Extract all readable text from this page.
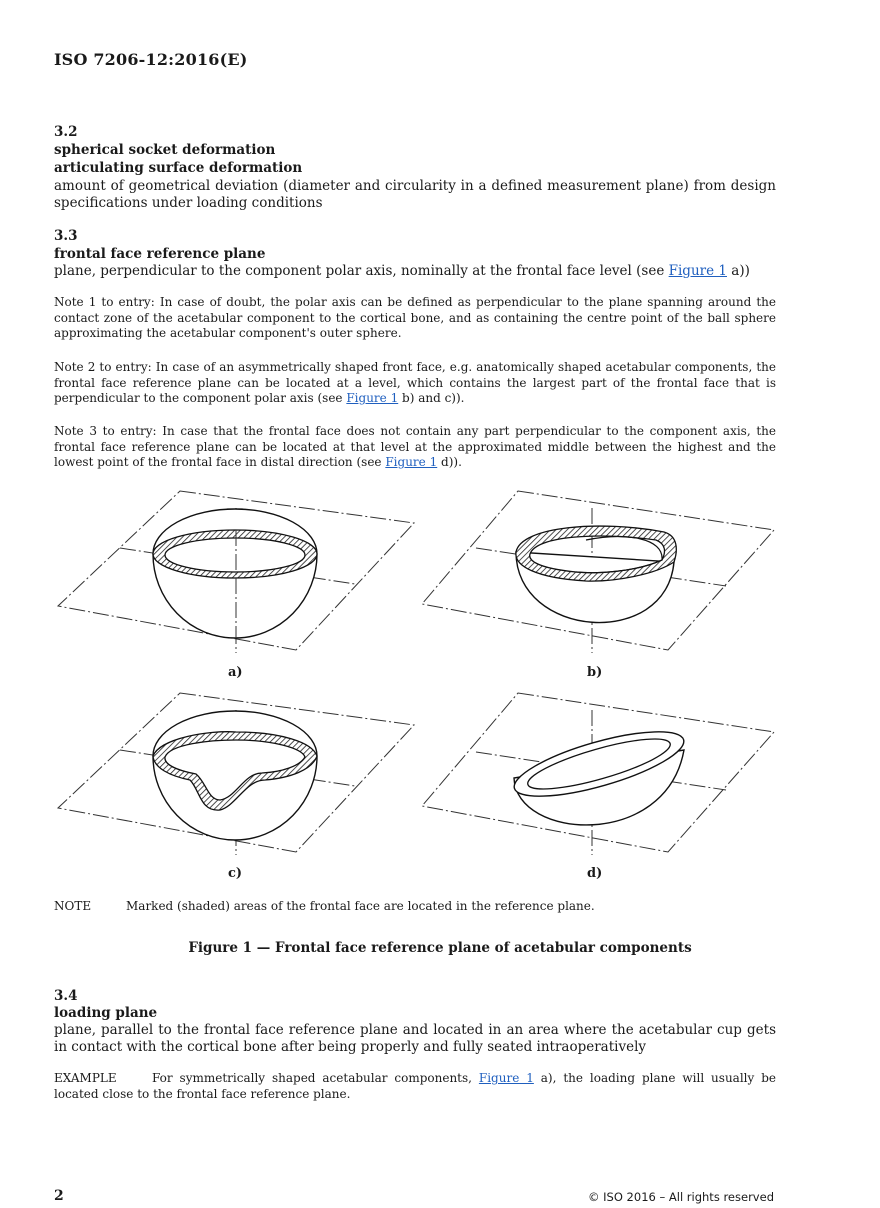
ISO 7206-12:2016(E)
3.2
spherical socket deformation
articulating surface deformation
amount of geometrical deviation (diameter and circularity in a defined measurement plane) from design specifications under loading conditions
3.3
frontal face reference plane
plane, perpendicular to the component polar axis, nominally at the frontal face level (see Figure 1 a))
Note 1 to entry: In case of doubt, the polar axis can be defined as perpendicular to the plane spanning around the contact zone of the acetabular component to the cortical bone, and as containing the centre point of the ball sphere approximating the acetabular component's outer sphere.
Note 2 to entry: In case of an asymmetrically shaped front face, e.g. anatomically shaped acetabular components, the frontal face reference plane can be located at a level, which contains the largest part of the frontal face that is perpendicular to the component polar axis (see Figure 1 b) and c)).
Note 3 to entry: In case that the frontal face does not contain any part perpendicular to the component axis, the frontal face reference plane can be located at that level at the approximated middle between the highest and the lowest point of the frontal face in distal direction (see Figure 1 d)).
a)	b)
c)	d)
NOTE	Marked (shaded) areas of the frontal face are located in the reference plane.
Figure 1 — Frontal face reference plane of acetabular components
3.4
loading plane
plane, parallel to the frontal face reference plane and located in an area where the acetabular cup gets in contact with the cortical bone after being properly and fully seated intraoperatively
EXAMPLE	For symmetrically shaped acetabular components, Figure 1 a), the loading plane will usually be located close to the frontal face reference plane.
2	© ISO 2016 – All rights reserved
